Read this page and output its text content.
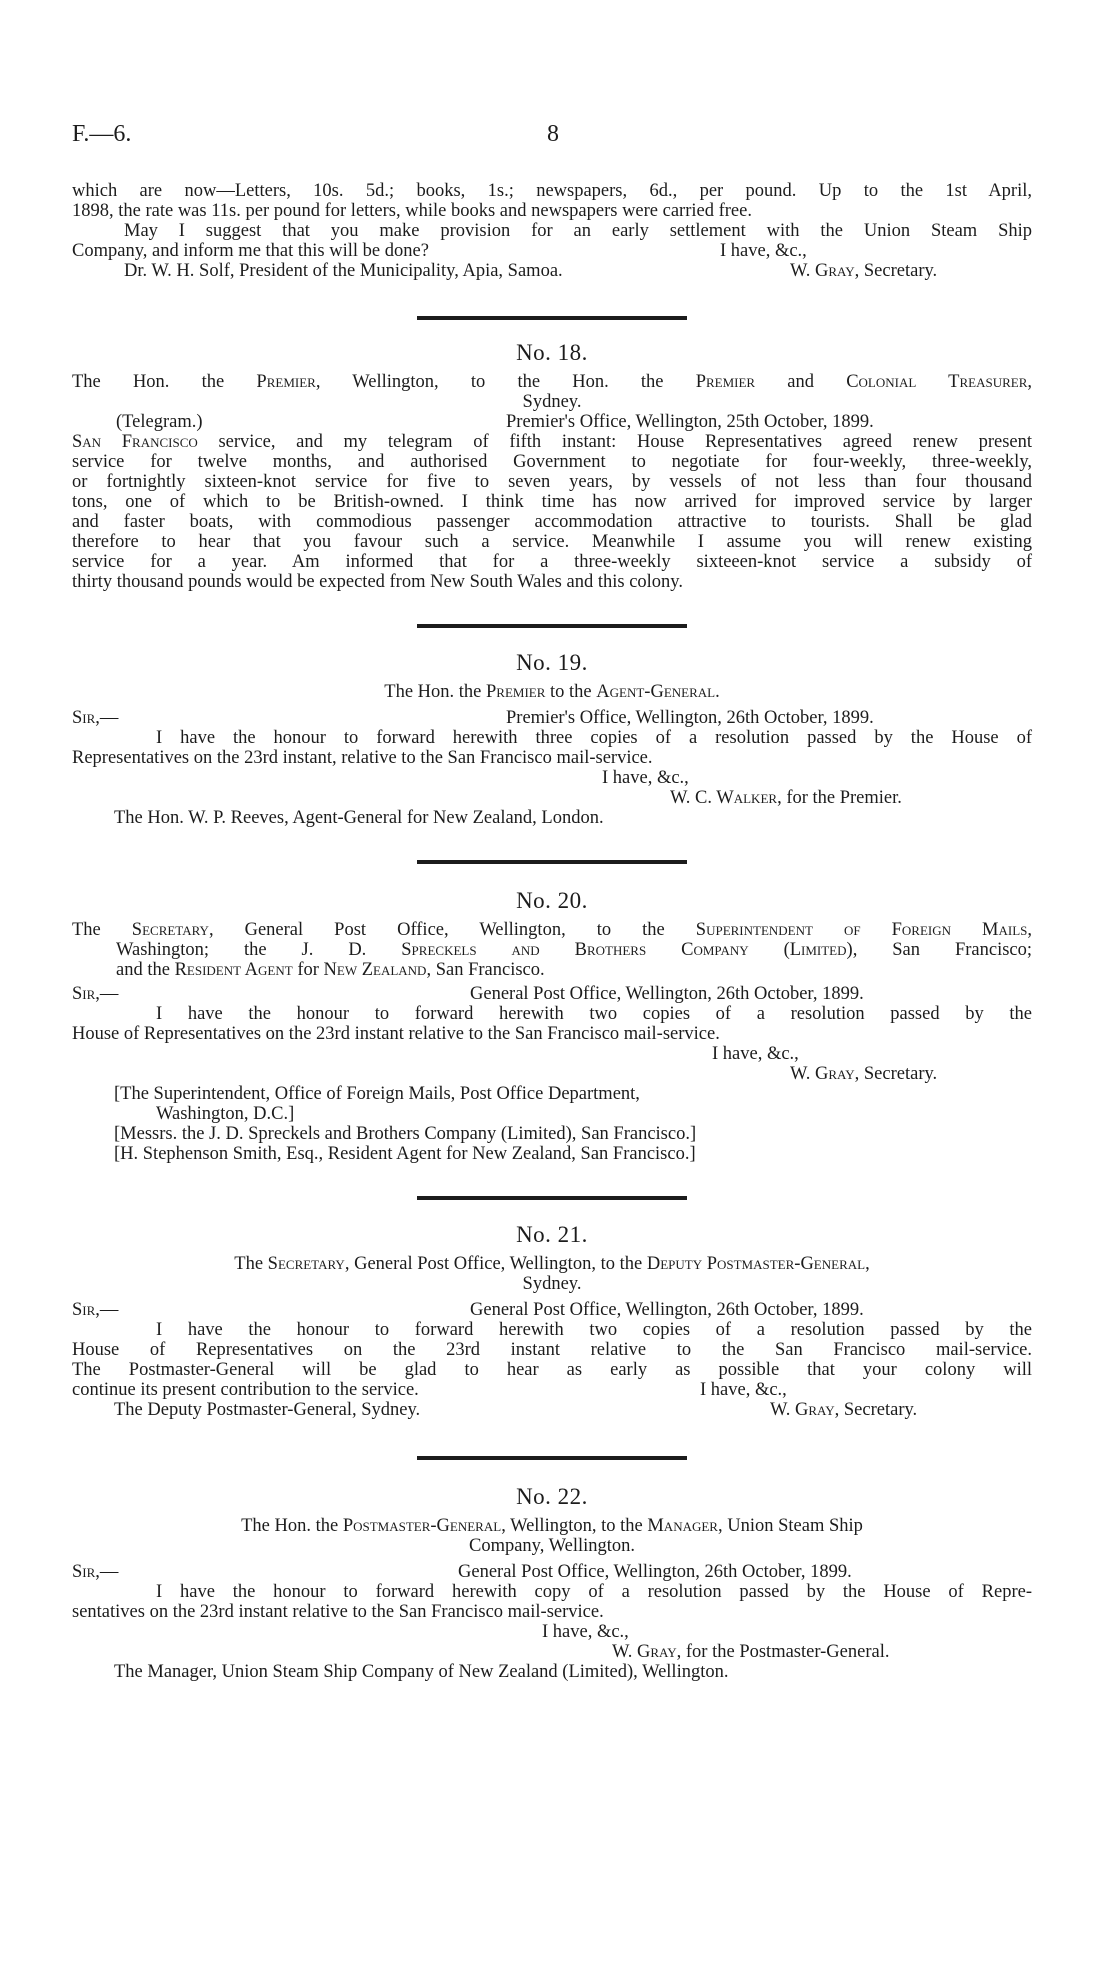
F.—6.	8
which are now—Letters, 10s. 5d.; books, 1s.; newspapers, 6d., per pound. Up to the 1st April,
1898, the rate was 11s. per pound for letters, while books and newspapers were carried free.
May I suggest that you make provision for an early settlement with the Union Steam Ship
Company, and inform me that this will be done?	I have, &c.,
Dr. W. H. Solf, President of the Municipality, Apia, Samoa.	W. Gray, Secretary.
No. 18.
The Hon. the Premier, Wellington, to the Hon. the Premier and Colonial Treasurer,
Sydney.
(Telegram.)	Premier's Office, Wellington, 25th October, 1899.
San Francisco service, and my telegram of fifth instant: House Representatives agreed renew present
service for twelve months, and authorised Government to negotiate for four-weekly, three-weekly,
or fortnightly sixteen-knot service for five to seven years, by vessels of not less than four thousand
tons, one of which to be British-owned. I think time has now arrived for improved service by larger
and faster boats, with commodious passenger accommodation attractive to tourists. Shall be glad
therefore to hear that you favour such a service. Meanwhile I assume you will renew existing
service for a year. Am informed that for a three-weekly sixteeen-knot service a subsidy of
thirty thousand pounds would be expected from New South Wales and this colony.
No. 19.
The Hon. the Premier to the Agent-General.
Sir,—	Premier's Office, Wellington, 26th October, 1899.
I have the honour to forward herewith three copies of a resolution passed by the House of
Representatives on the 23rd instant, relative to the San Francisco mail-service.
I have, &c.,
W. C. Walker, for the Premier.
The Hon. W. P. Reeves, Agent-General for New Zealand, London.
No. 20.
The Secretary, General Post Office, Wellington, to the Superintendent of Foreign Mails,
Washington; the J. D. Spreckels and Brothers Company (Limited), San Francisco;
and the Resident Agent for New Zealand, San Francisco.
Sir,—	General Post Office, Wellington, 26th October, 1899.
I have the honour to forward herewith two copies of a resolution passed by the
House of Representatives on the 23rd instant relative to the San Francisco mail-service.
I have, &c.,
W. Gray, Secretary.
[The Superintendent, Office of Foreign Mails, Post Office Department,
Washington, D.C.]
[Messrs. the J. D. Spreckels and Brothers Company (Limited), San Francisco.]
[H. Stephenson Smith, Esq., Resident Agent for New Zealand, San Francisco.]
No. 21.
The Secretary, General Post Office, Wellington, to the Deputy Postmaster-General,
Sydney.
Sir,—	General Post Office, Wellington, 26th October, 1899.
I have the honour to forward herewith two copies of a resolution passed by the
House of Representatives on the 23rd instant relative to the San Francisco mail-service.
The Postmaster-General will be glad to hear as early as possible that your colony will
continue its present contribution to the service.	I have, &c.,
The Deputy Postmaster-General, Sydney.	W. Gray, Secretary.
No. 22.
The Hon. the Postmaster-General, Wellington, to the Manager, Union Steam Ship
Company, Wellington.
Sir,—	General Post Office, Wellington, 26th October, 1899.
I have the honour to forward herewith copy of a resolution passed by the House of Repre-
sentatives on the 23rd instant relative to the San Francisco mail-service.
I have, &c.,
W. Gray, for the Postmaster-General.
The Manager, Union Steam Ship Company of New Zealand (Limited), Wellington.
